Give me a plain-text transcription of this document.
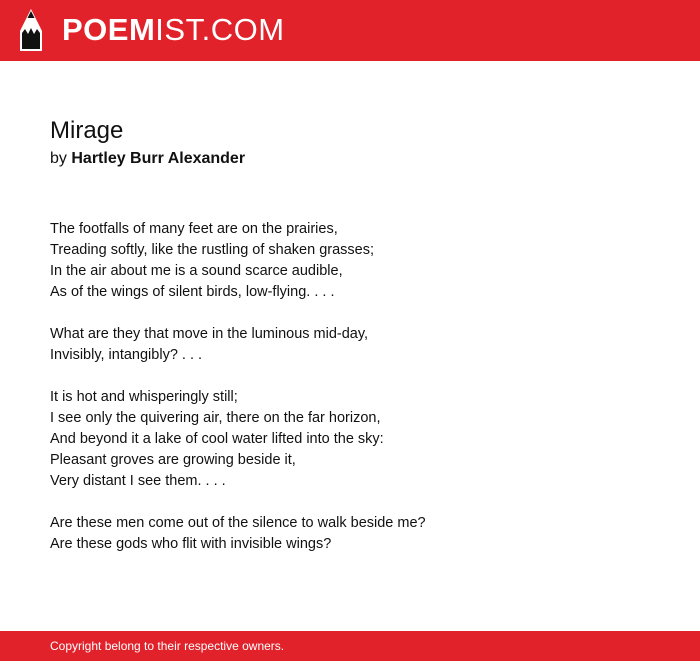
POEMIST.COM
Mirage
by Hartley Burr Alexander
The footfalls of many feet are on the prairies,
Treading softly, like the rustling of shaken grasses;
In the air about me is a sound scarce audible,
As of the wings of silent birds, low-flying. . . .
What are they that move in the luminous mid-day,
Invisibly, intangibly? . . .
It is hot and whisperingly still;
I see only the quivering air, there on the far horizon,
And beyond it a lake of cool water lifted into the sky:
Pleasant groves are growing beside it,
Very distant I see them. . . .
Are these men come out of the silence to walk beside me?
Are these gods who flit with invisible wings?
Copyright belong to their respective owners.
